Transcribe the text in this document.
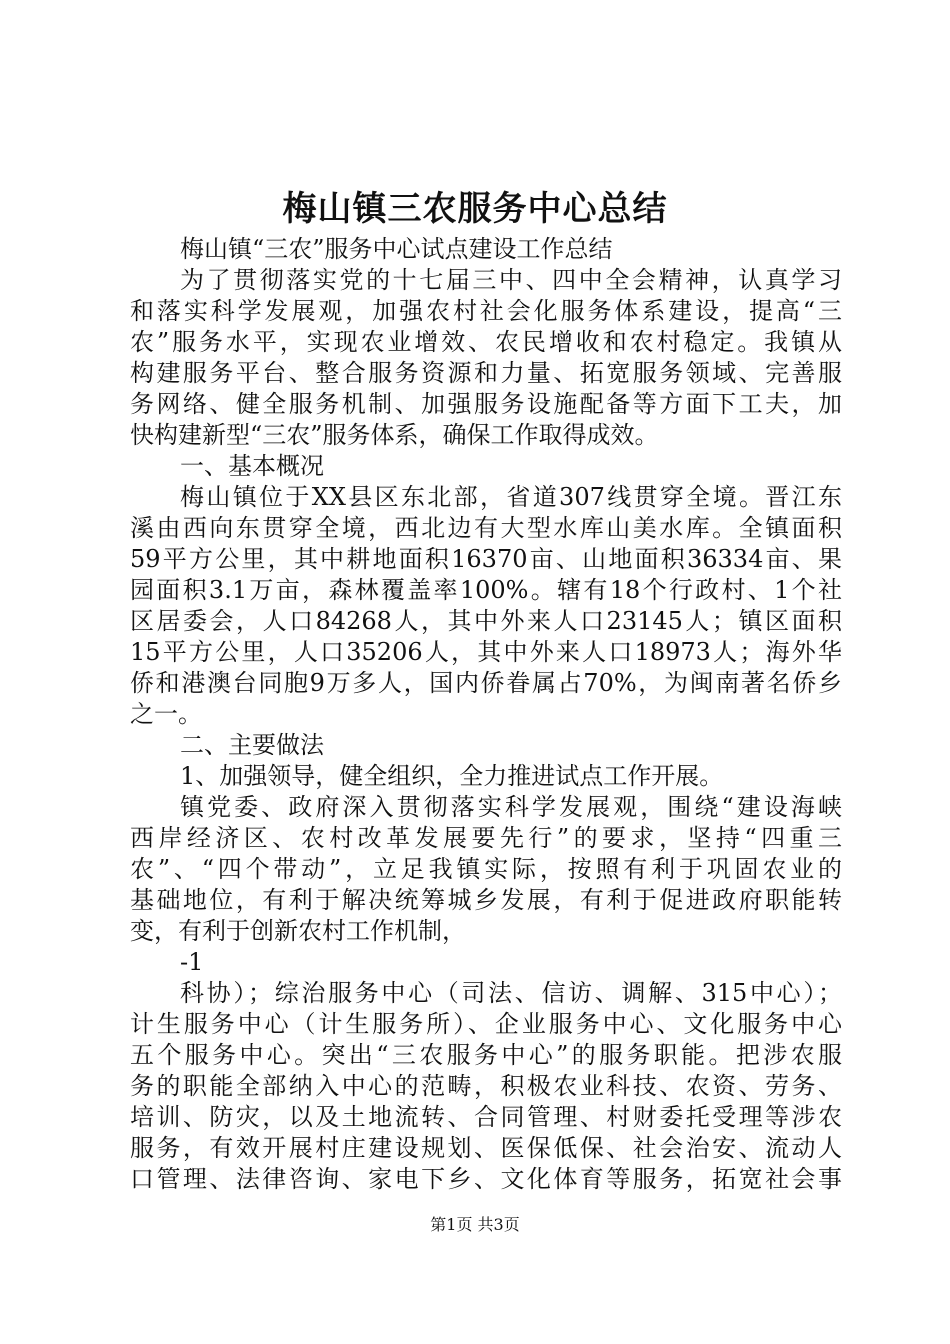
梅山镇三农服务中心总结
梅山镇“三农”服务中心试点建设工作总结
为了贯彻落实党的十七届三中、四中全会精神，认真学习
和落实科学发展观，加强农村社会化服务体系建设，提高“三
农”服务水平，实现农业增效、农民增收和农村稳定。我镇从
构建服务平台、整合服务资源和力量、拓宽服务领域、完善服
务网络、健全服务机制、加强服务设施配备等方面下工夫，加
快构建新型“三农”服务体系，确保工作取得成效。
一、基本概况
梅山镇位于XX县区东北部，省道307线贯穿全境。晋江东
溪由西向东贯穿全境，西北边有大型水库山美水库。全镇面积
59平方公里，其中耕地面积16370亩、山地面积36334亩、果
园面积3.1万亩，森林覆盖率100%。辖有18个行政村、1个社
区居委会，人口84268人，其中外来人口23145人；镇区面积
15平方公里，人口35206人，其中外来人口18973人；海外华
侨和港澳台同胞9万多人，国内侨眷属占70%，为闽南著名侨乡
之一。
二、主要做法
1、加强领导，健全组织，全力推进试点工作开展。
镇党委、政府深入贯彻落实科学发展观，围绕“建设海峡
西岸经济区、农村改革发展要先行”的要求，坚持“四重三
农”、“四个带动”，立足我镇实际，按照有利于巩固农业的
基础地位，有利于解决统筹城乡发展，有利于促进政府职能转
变，有利于创新农村工作机制，
-1
科协）；综治服务中心（司法、信访、调解、315中心）；
计生服务中心（计生服务所）、企业服务中心、文化服务中心
五个服务中心。突出“三农服务中心”的服务职能。把涉农服
务的职能全部纳入中心的范畴，积极农业科技、农资、劳务、
培训、防灾，以及土地流转、合同管理、村财委托受理等涉农
服务，有效开展村庄建设规划、医保低保、社会治安、流动人
口管理、法律咨询、家电下乡、文化体育等服务，拓宽社会事
第1页 共3页
